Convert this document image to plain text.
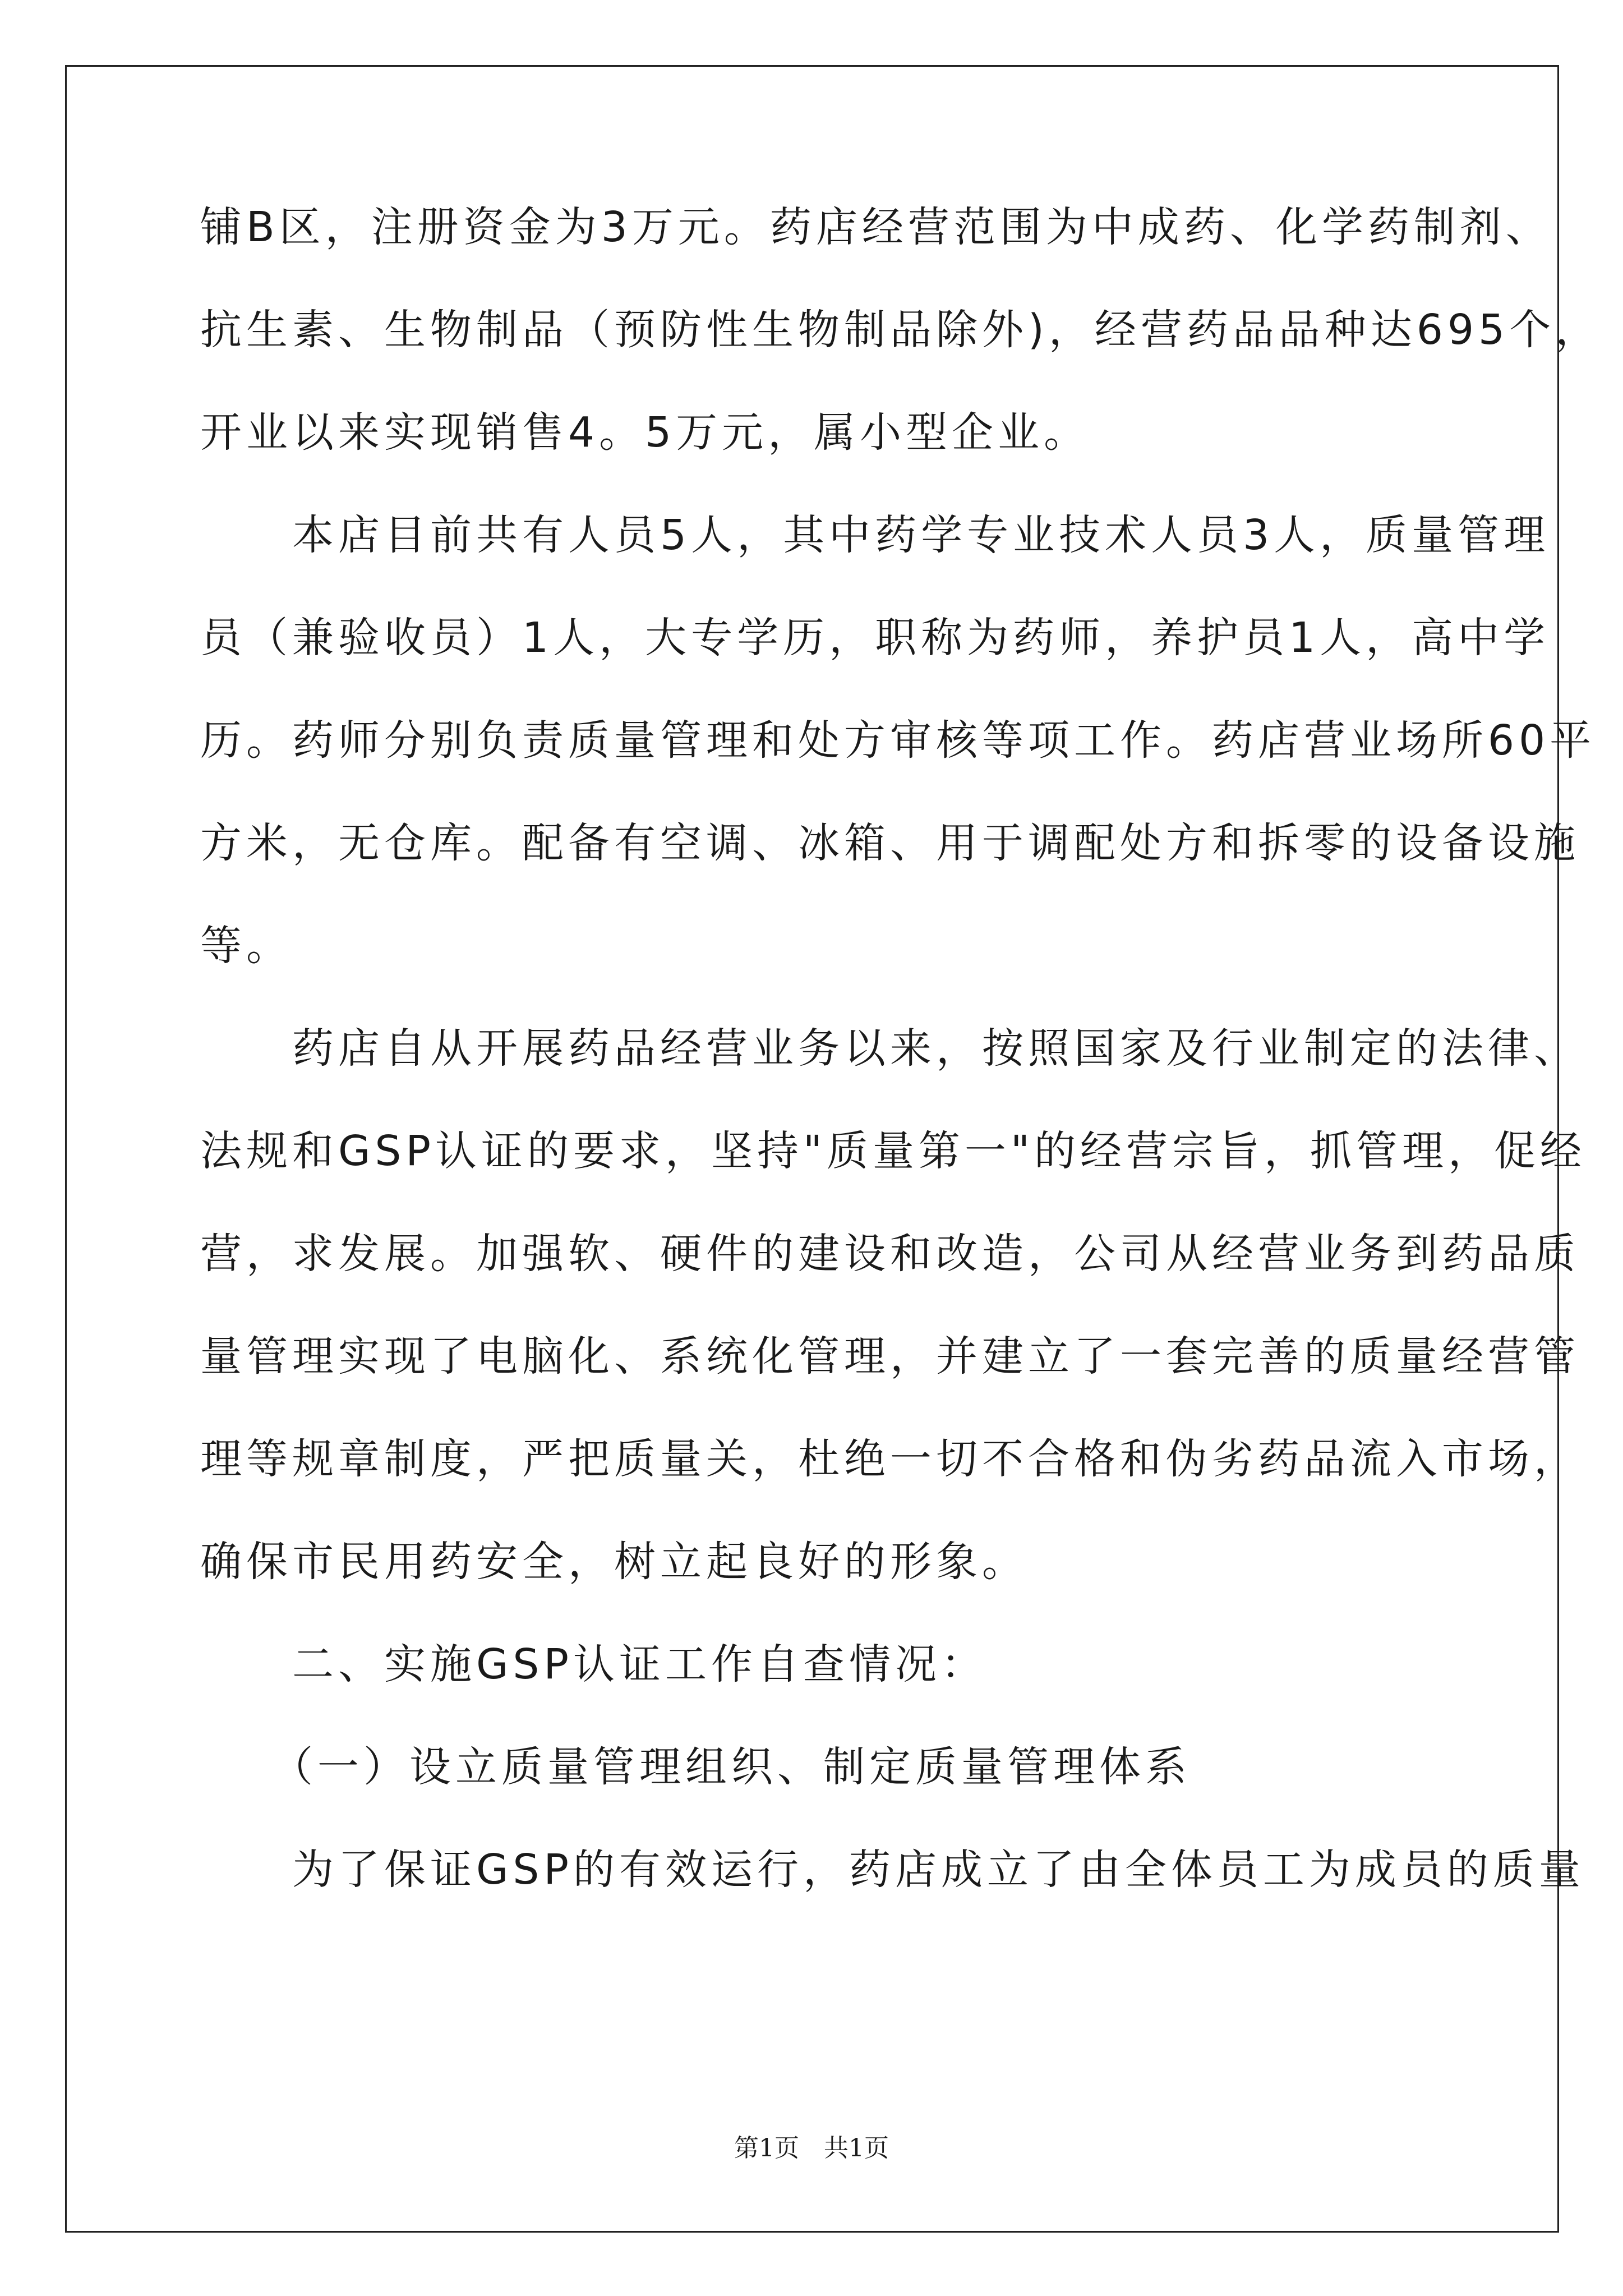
铺B区，注册资金为3万元。药店经营范围为中成药、化学药制剂、
抗生素、生物制品（预防性生物制品除外)，经营药品品种达695个，
开业以来实现销售4。5万元，属小型企业。
　　本店目前共有人员5人，其中药学专业技术人员3人，质量管理
员（兼验收员）1人，大专学历，职称为药师，养护员1人，高中学
历。药师分别负责质量管理和处方审核等项工作。药店营业场所60平
方米，无仓库。配备有空调、冰箱、用于调配处方和拆零的设备设施
等。
　　药店自从开展药品经营业务以来，按照国家及行业制定的法律、
法规和GSP认证的要求，坚持"质量第一"的经营宗旨，抓管理，促经
营，求发展。加强软、硬件的建设和改造，公司从经营业务到药品质
量管理实现了电脑化、系统化管理，并建立了一套完善的质量经营管
理等规章制度，严把质量关，杜绝一切不合格和伪劣药品流入市场，
确保市民用药安全，树立起良好的形象。
　　二、实施GSP认证工作自查情况：
　　（一）设立质量管理组织、制定质量管理体系
　　为了保证GSP的有效运行，药店成立了由全体员工为成员的质量
第1页　共1页
